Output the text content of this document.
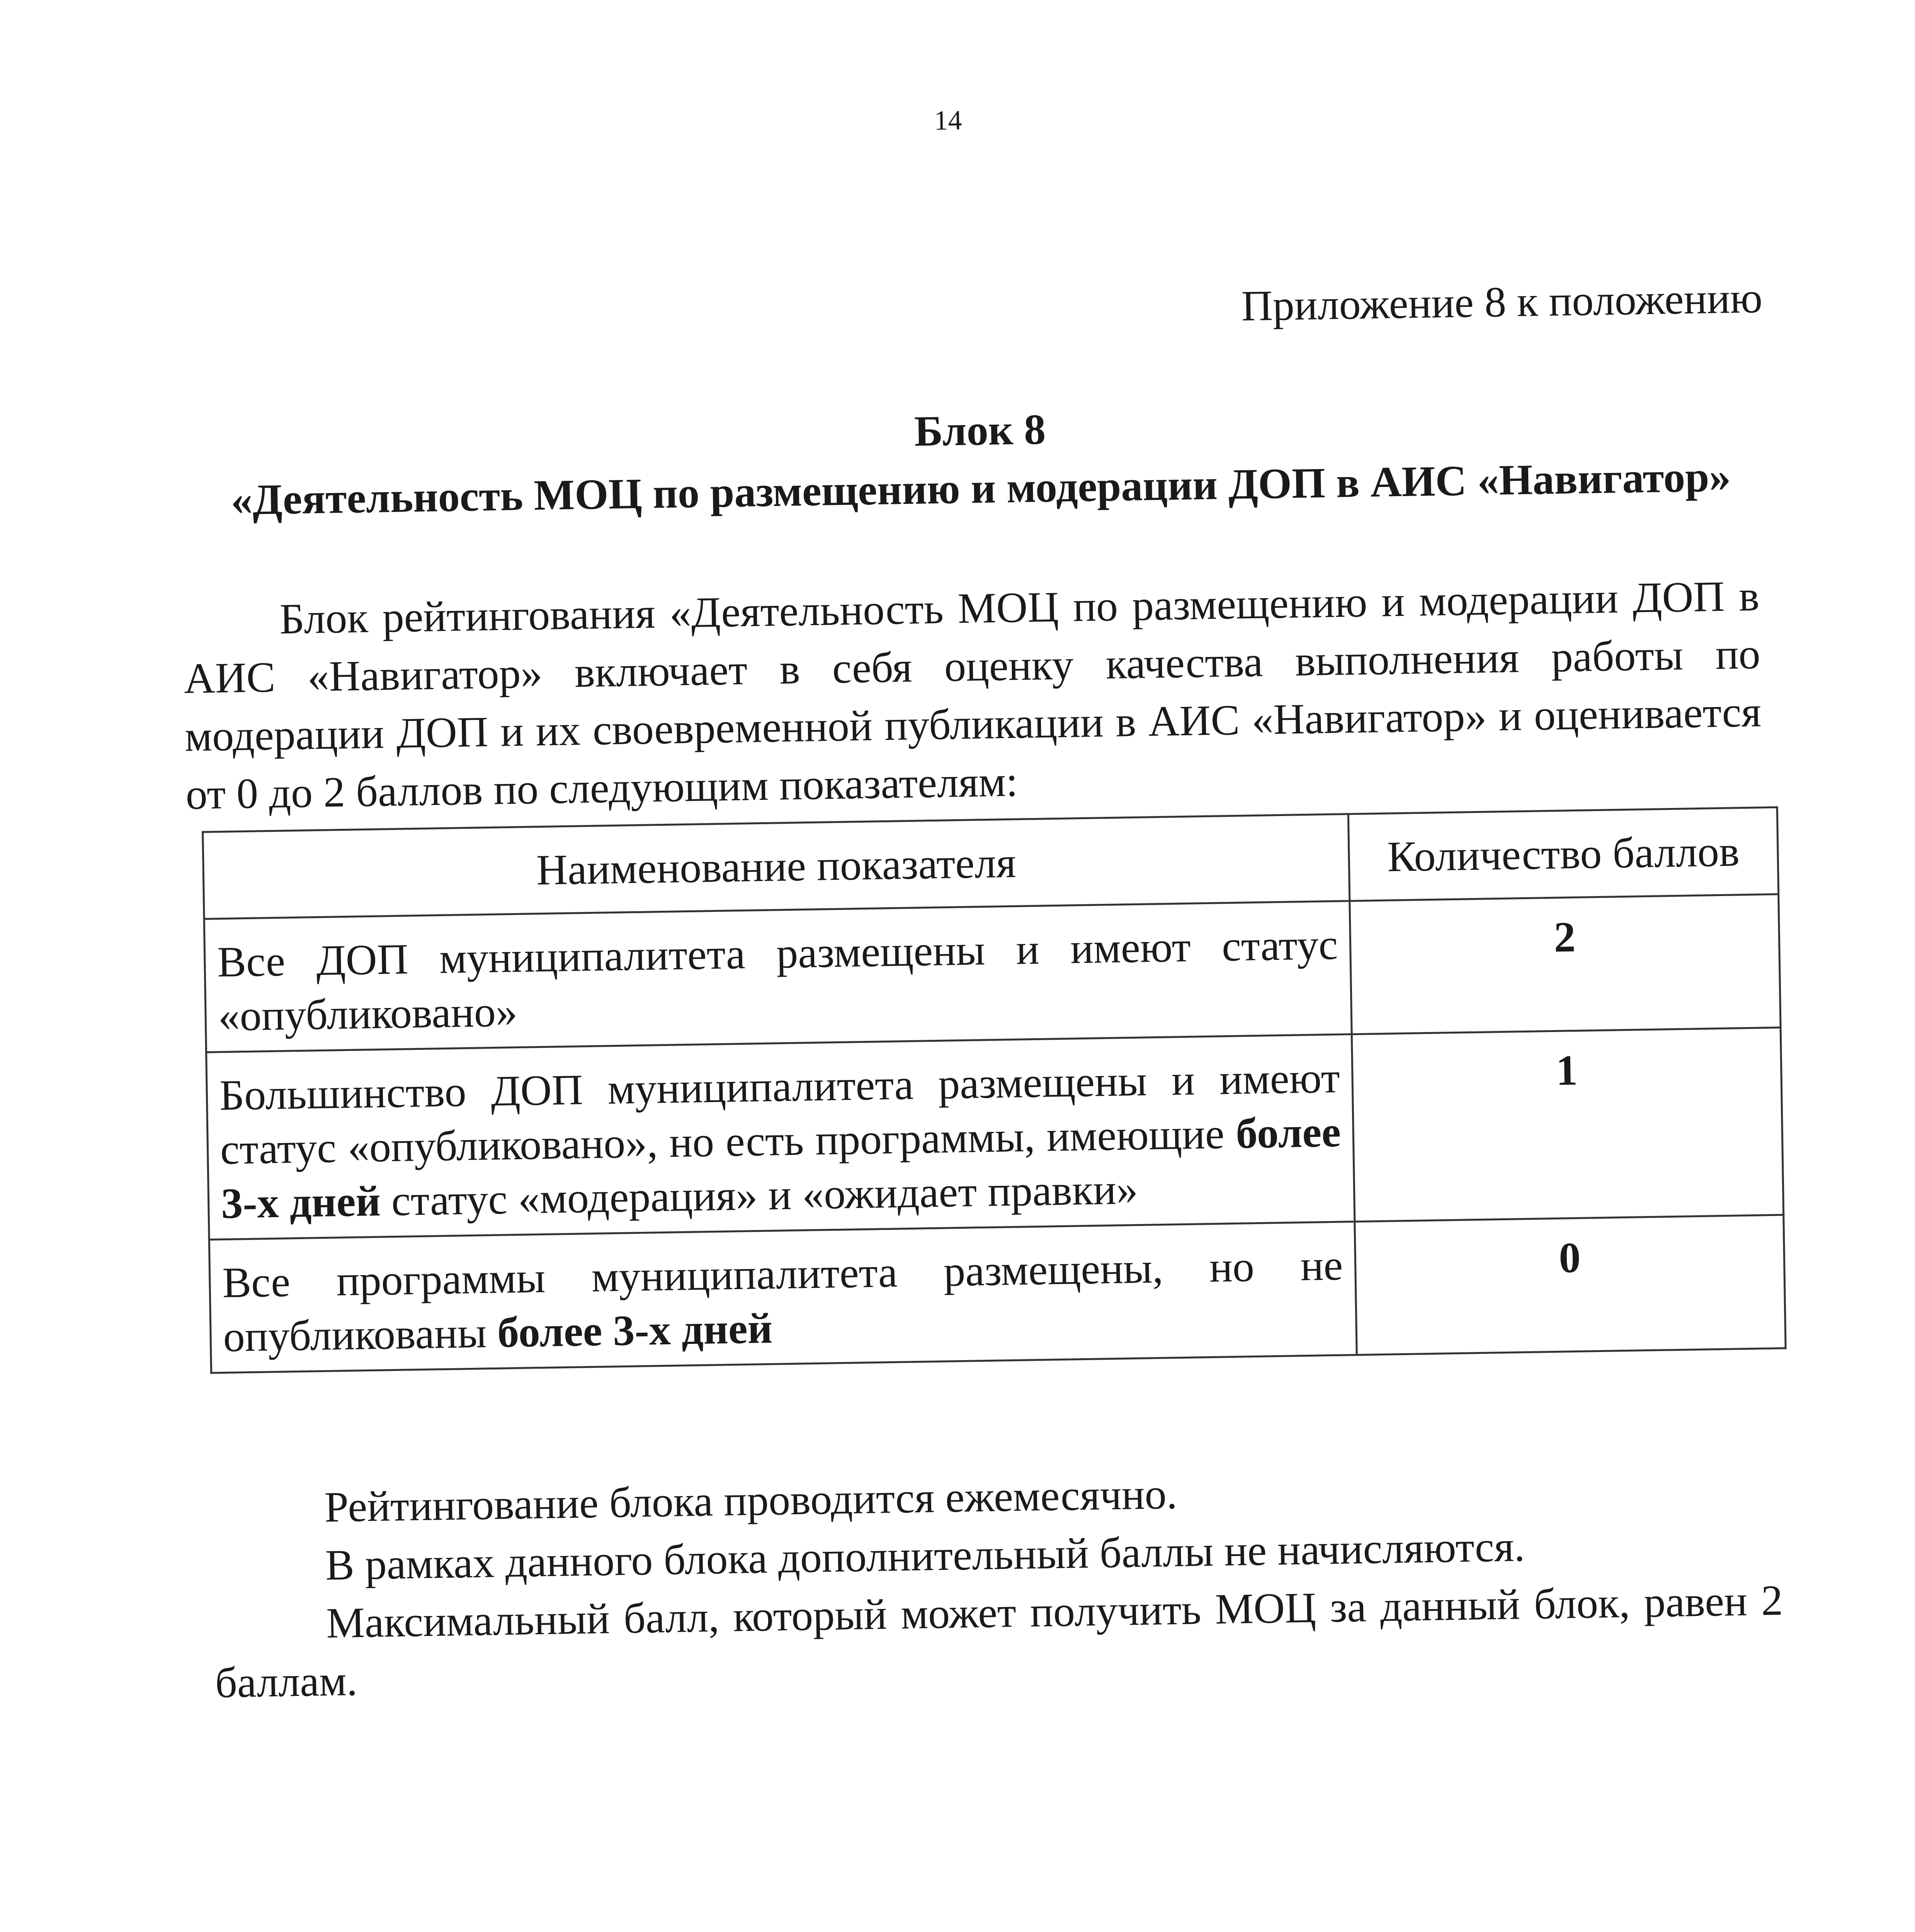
14
Приложение 8 к положению
Блок 8
«Деятельность МОЦ по размещению и модерации ДОП в АИС «Навигатор»

Блок рейтингования «Деятельность МОЦ по размещению и модерации ДОП в АИС «Навигатор» включает в себя оценку качества выполнения работы по модерации ДОП и их своевременной публикации в АИС «Навигатор» и оценивается от 0 до 2 баллов по следующим показателям:

Наименование показателя	Количество баллов
Все ДОП муниципалитета размещены и имеют статус «опубликовано»	2
Большинство ДОП муниципалитета размещены и имеют статус «опубликовано», но есть программы, имеющие более 3-х дней статус «модерация» и «ожидает правки»	1
Все программы муниципалитета размещены, но не опубликованы более 3-х дней	0

Рейтингование блока проводится ежемесячно.

В рамках данного блока дополнительный баллы не начисляются.

Максимальный балл, который может получить МОЦ за данный блок, равен 2 баллам.
